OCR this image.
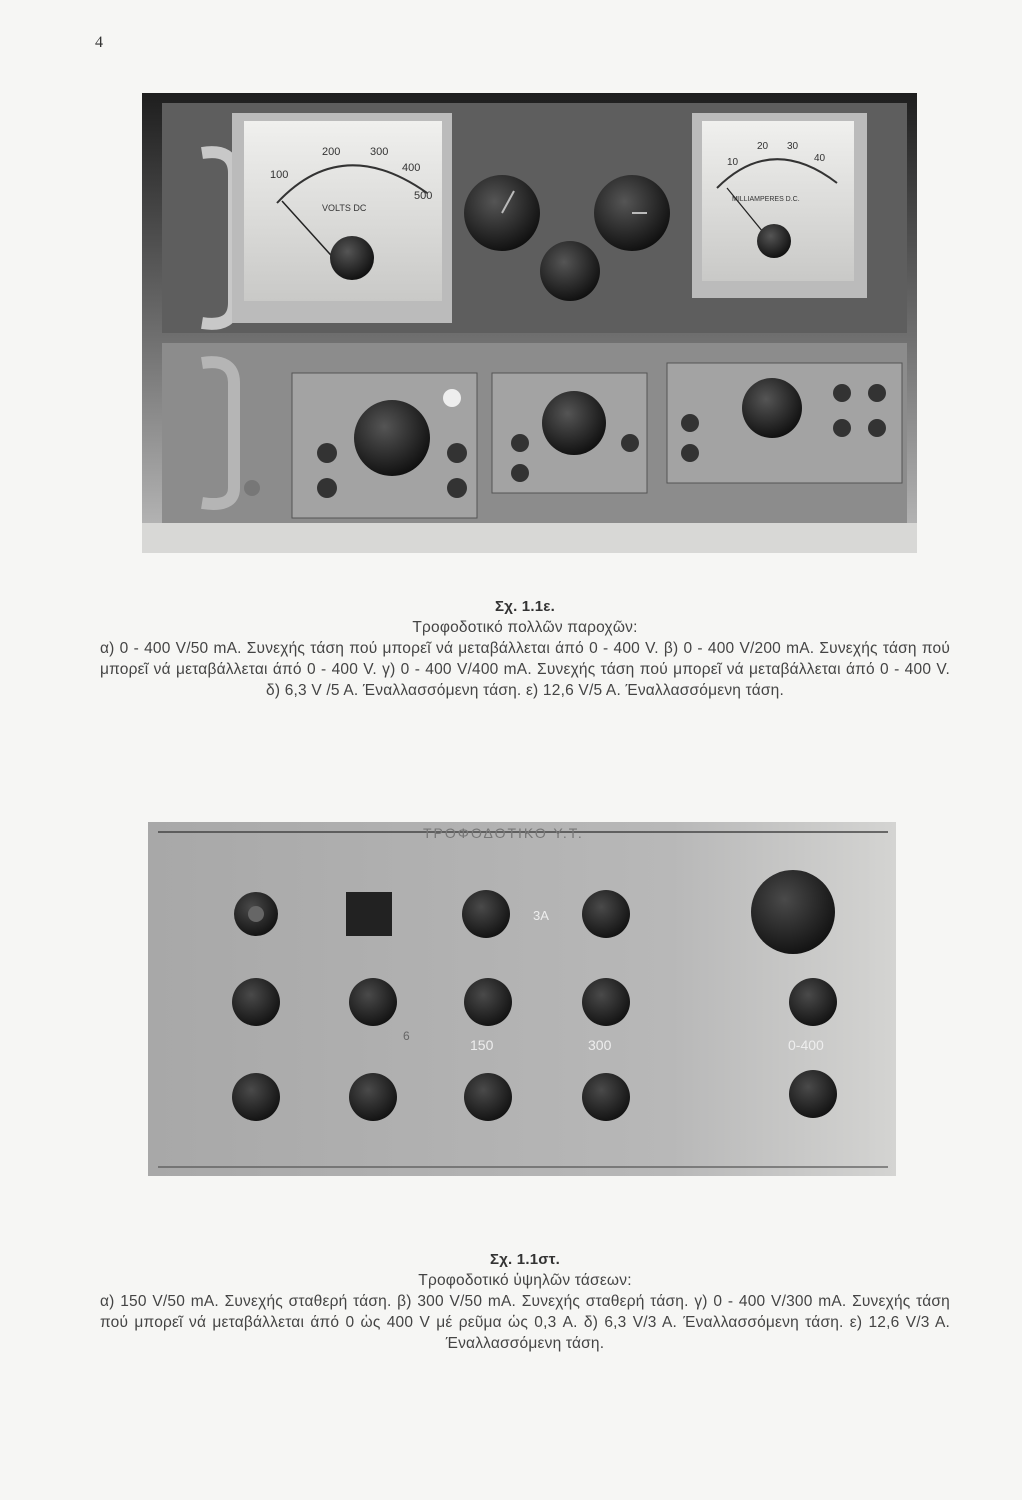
4
100
200	300
400
500
VOLTS DC
10
20 30
40
MILLIAMPERES D.C.
Σχ. 1.1ε.
Τροφοδοτικό πολλῶν παροχῶν:
α) 0 - 400 V/50 mA. Συνεχής τάση πού μπορεῖ νά μεταβάλλεται άπό 0 - 400 V. β) 0 - 400 V/200 mA. Συνεχής τάση πού μπορεῖ νά μεταβάλλεται άπό 0 - 400 V. γ) 0 - 400 V/400 mA. Συνεχής τάση πού μπορεῖ νά μεταβάλλεται άπό 0 - 400 V. δ) 6,3 V /5 A. Έναλλασσόμενη τάση. ε) 12,6 V/5 A. Έναλλασσόμενη τάση.
ΤΡΟΦΟΔΟΤΙΚΟ Υ.Τ.
3A
6
150	300	0-400
Σχ. 1.1στ.
Τροφοδοτικό ὑψηλῶν τάσεων:
α) 150 V/50 mA. Συνεχής σταθερή τάση. β) 300 V/50 mA. Συνεχής σταθερή τάση. γ) 0 - 400 V/300 mA. Συνεχής τάση πού μπορεῖ νά μεταβάλλεται άπό 0 ὡς 400 V μέ ρεῦμα ὡς 0,3 A. δ) 6,3 V/3 A. Έναλλασσόμενη τάση. ε) 12,6 V/3 A. Έναλλασσόμενη τάση.
